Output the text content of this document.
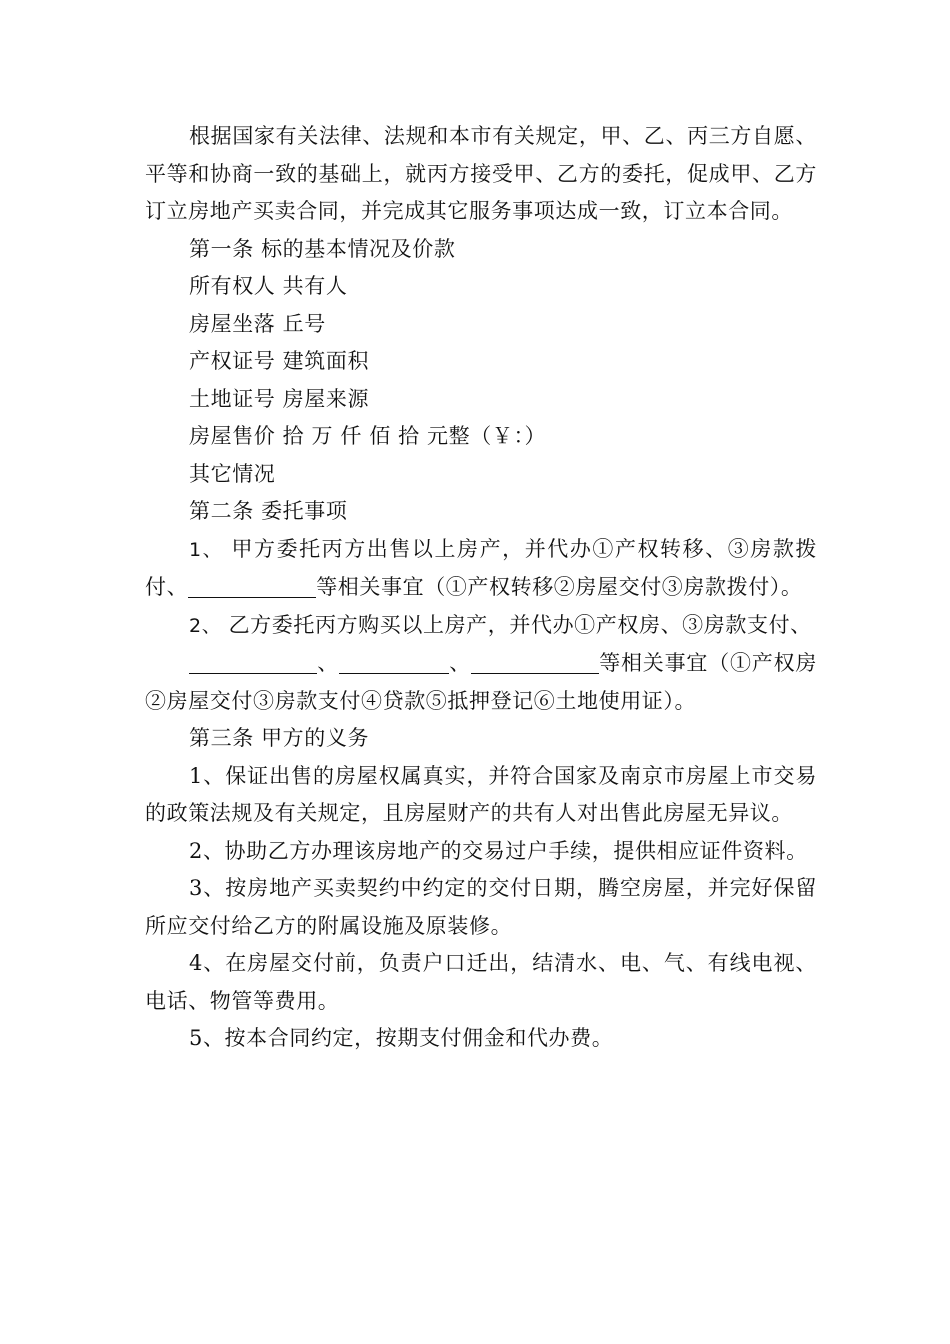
根据国家有关法律、法规和本市有关规定，甲、乙、丙三方自愿、平等和协商一致的基础上，就丙方接受甲、乙方的委托，促成甲、乙方订立房地产买卖合同，并完成其它服务事项达成一致，订立本合同。

第一条 标的基本情况及价款

所有权人 共有人

房屋坐落 丘号

产权证号 建筑面积

土地证号 房屋来源

房屋售价 拾 万 仟 佰 拾 元整（￥：）

其它情况

第二条 委托事项

1、 甲方委托丙方出售以上房产，并代办①产权转移、③房款拨付、	等相关事宜（①产权转移②房屋交付③房款拨付）。

2、 乙方委托丙方购买以上房产，并代办①产权房、③房款支付、

、	、	等相关事宜（①产权房②房屋交付③房款支付④贷款⑤抵押登记⑥土地使用证）。

第三条 甲方的义务

1、保证出售的房屋权属真实，并符合国家及南京市房屋上市交易的政策法规及有关规定，且房屋财产的共有人对出售此房屋无异议。

2、协助乙方办理该房地产的交易过户手续，提供相应证件资料。

3、按房地产买卖契约中约定的交付日期，腾空房屋，并完好保留所应交付给乙方的附属设施及原装修。

4、在房屋交付前，负责户口迁出，结清水、电、气、有线电视、电话、物管等费用。

5、按本合同约定，按期支付佣金和代办费。
